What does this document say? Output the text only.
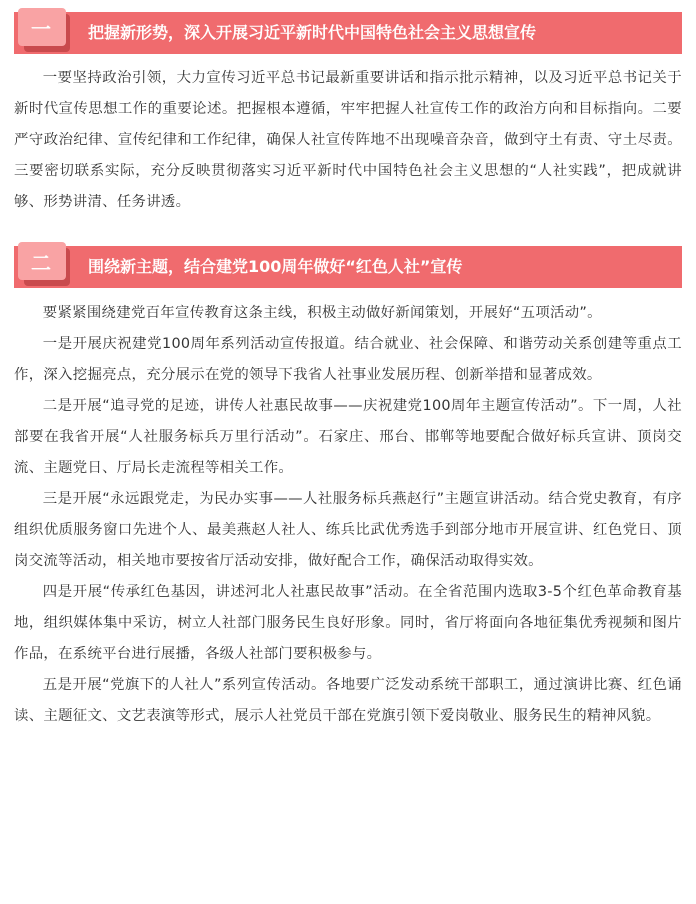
一 把握新形势，深入开展习近平新时代中国特色社会主义思想宣传

一要坚持政治引领，大力宣传习近平总书记最新重要讲话和指示批示精神，以及习近平总书记关于新时代宣传思想工作的重要论述。把握根本遵循，牢牢把握人社宣传工作的政治方向和目标指向。二要严守政治纪律、宣传纪律和工作纪律，确保人社宣传阵地不出现噪音杂音，做到守土有责、守土尽责。三要密切联系实际，充分反映贯彻落实习近平新时代中国特色社会主义思想的“人社实践”，把成就讲够、形势讲清、任务讲透。

二 围绕新主题，结合建党100周年做好“红色人社”宣传

要紧紧围绕建党百年宣传教育这条主线，积极主动做好新闻策划，开展好“五项活动”。

一是开展庆祝建党100周年系列活动宣传报道。结合就业、社会保障、和谐劳动关系创建等重点工作，深入挖掘亮点，充分展示在党的领导下我省人社事业发展历程、创新举措和显著成效。

二是开展“追寻党的足迹，讲传人社惠民故事——庆祝建党100周年主题宣传活动”。下一周，人社部要在我省开展“人社服务标兵万里行活动”。石家庄、邢台、邯郸等地要配合做好标兵宣讲、顶岗交流、主题党日、厅局长走流程等相关工作。

三是开展“永远跟党走，为民办实事——人社服务标兵燕赵行”主题宣讲活动。结合党史教育，有序组织优质服务窗口先进个人、最美燕赵人社人、练兵比武优秀选手到部分地市开展宣讲、红色党日、顶岗交流等活动，相关地市要按省厅活动安排，做好配合工作，确保活动取得实效。

四是开展“传承红色基因，讲述河北人社惠民故事”活动。在全省范围内选取3-5个红色革命教育基地，组织媒体集中采访，树立人社部门服务民生良好形象。同时，省厅将面向各地征集优秀视频和图片作品，在系统平台进行展播，各级人社部门要积极参与。

五是开展“党旗下的人社人”系列宣传活动。各地要广泛发动系统干部职工，通过演讲比赛、红色诵读、主题征文、文艺表演等形式，展示人社党员干部在党旗引领下爱岗敬业、服务民生的精神风貌。
